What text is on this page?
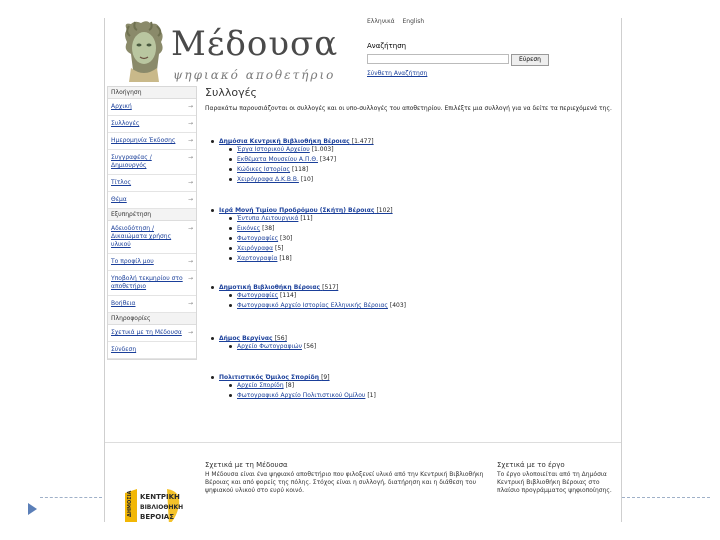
Μέδουσα
ψηφιακό αποθετήριο
Ελληνικά English
Αναζήτηση
Εύρεση
Σύνθετη Αναζήτηση
Πλοήγηση
Αρχική	→
Συλλογές	→
Ημερομηνία Έκδοσης →
Συγγραφέας / Δημιουργός
→
Τίτλος	→
Θέμα	→
Εξυπηρέτηση
Αδειοδότηση / Δικαιώματα χρήσης υλικού
→
Το προφίλ μου	→
Υποβολή τεκμηρίου στο αποθετήριο
→
Βοήθεια	→
Πληροφορίες
Σχετικά με τη Μέδουσα →
Σύνδεση
Συλλογές
Παρακάτω παρουσιάζονται οι συλλογές και οι υπο-συλλογές του αποθετηρίου. Επιλέξτε μια συλλογή για να δείτε τα περιεχόμενά της.
Δημόσια Κεντρική Βιβλιοθήκη Βέροιας [1.477]
Έργα Ιστορικού Αρχείου [1.003]
Εκθέματα Μουσείου Α.Π.Θ. [347]
Κώδικες Ιστορίας [118]
Χειρόγραφα Δ.Κ.Β.Β. [10]
Ιερά Μονή Τιμίου Προδρόμου (Σκήτη) Βέροιας [102]
Έντυπα Λειτουργικά [11]
Εικόνες [38]
Φωτογραφίες [30]
Χειρόγραφα [5]
Χαρτογραφία [18]
Δημοτική Βιβλιοθήκη Βέροιας [517]
Φωτογραφίες [114]
Φωτογραφικό Αρχείο Ιστορίας Ελληνικής Βέροιας [403]
Δήμος Βεργίνας [56]
Αρχείο Φωτογραφιών [56]
Πολιτιστικός Όμιλος Σπορίδη [9]
Αρχείο Σπορίδη [8]
Φωτογραφικό Αρχείο Πολιτιστικού Ομίλου [1]
ΔΗΜΟΣΙΑ ΚΕΝΤΡΙΚΗ
ΒΙΒΛΙΟΘΗΚΗ
ΒΕΡΟΙΑΣ
Σχετικά με τη Μέδουσα
Η Μέδουσα είναι ένα ψηφιακό αποθετήριο που φιλοξενεί υλικό από την Κεντρική Βιβλιοθήκη Βέροιας και από φορείς της πόλης. Στόχος είναι η συλλογή, διατήρηση και η διάθεση του ψηφιακού υλικού στο ευρύ κοινό.
Σχετικά με το έργο
Το έργο υλοποιείται από τη Δημόσια Κεντρική Βιβλιοθήκη Βέροιας στο πλαίσιο προγράμματος ψηφιοποίησης.
